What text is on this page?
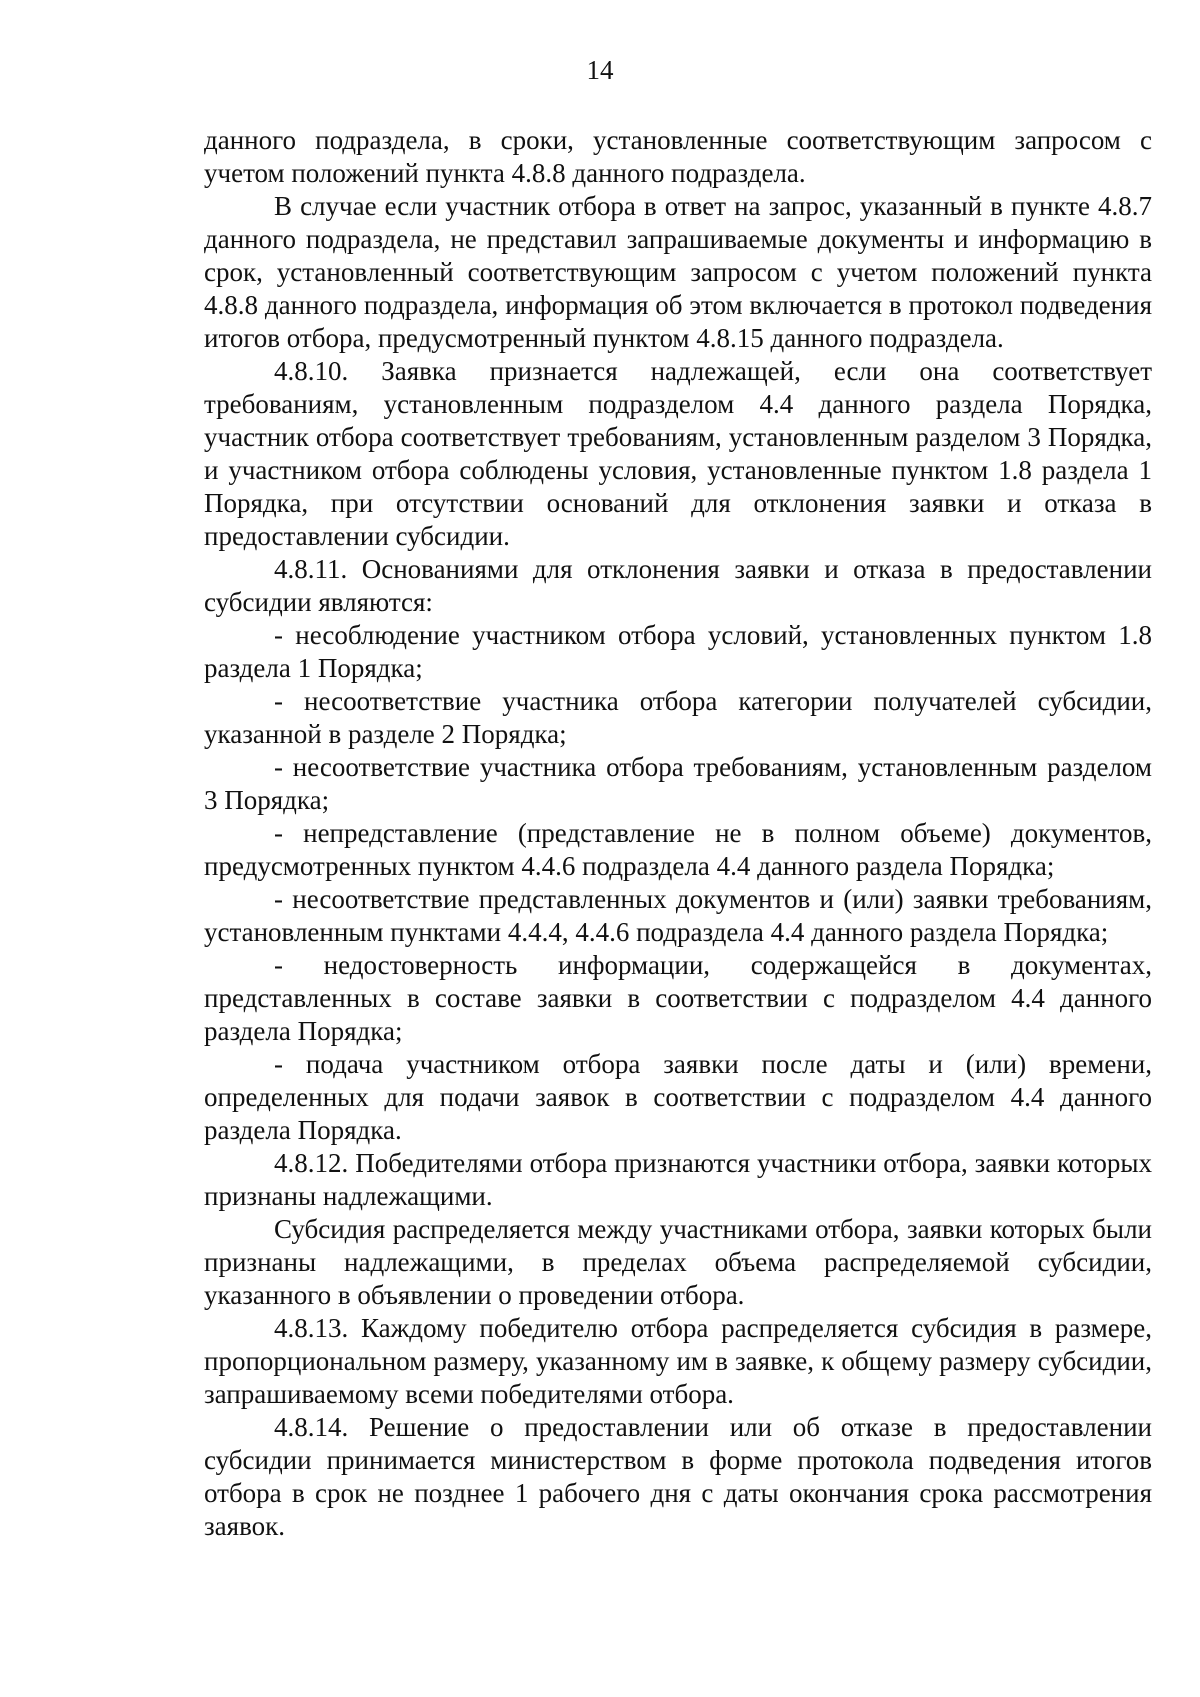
14

данного подраздела, в сроки, установленные соответствующим запросом с учетом положений пункта 4.8.8 данного подраздела.

В случае если участник отбора в ответ на запрос, указанный в пункте 4.8.7 данного подраздела, не представил запрашиваемые документы и информацию в срок, установленный соответствующим запросом с учетом положений пункта 4.8.8 данного подраздела, информация об этом включается в протокол подведения итогов отбора, предусмотренный пунктом 4.8.15 данного подраздела.

4.8.10. Заявка признается надлежащей, если она соответствует требованиям, установленным подразделом 4.4 данного раздела Порядка, участник отбора соответствует требованиям, установленным разделом 3 Порядка, и участником отбора соблюдены условия, установленные пунктом 1.8 раздела 1 Порядка, при отсутствии оснований для отклонения заявки и отказа в предоставлении субсидии.

4.8.11. Основаниями для отклонения заявки и отказа в предоставлении субсидии являются:

- несоблюдение участником отбора условий, установленных пунктом 1.8 раздела 1 Порядка;

- несоответствие участника отбора категории получателей субсидии, указанной в разделе 2 Порядка;

- несоответствие участника отбора требованиям, установленным разделом 3 Порядка;

- непредставление (представление не в полном объеме) документов, предусмотренных пунктом 4.4.6 подраздела 4.4 данного раздела Порядка;

- несоответствие представленных документов и (или) заявки требованиям, установленным пунктами 4.4.4, 4.4.6 подраздела 4.4 данного раздела Порядка;

- недостоверность информации, содержащейся в документах, представленных в составе заявки в соответствии с подразделом 4.4 данного раздела Порядка;

- подача участником отбора заявки после даты и (или) времени, определенных для подачи заявок в соответствии с подразделом 4.4 данного раздела Порядка.

4.8.12. Победителями отбора признаются участники отбора, заявки которых признаны надлежащими.

Субсидия распределяется между участниками отбора, заявки которых были признаны надлежащими, в пределах объема распределяемой субсидии, указанного в объявлении о проведении отбора.

4.8.13. Каждому победителю отбора распределяется субсидия в размере, пропорциональном размеру, указанному им в заявке, к общему размеру субсидии, запрашиваемому всеми победителями отбора.

4.8.14. Решение о предоставлении или об отказе в предоставлении субсидии принимается министерством в форме протокола подведения итогов отбора в срок не позднее 1 рабочего дня с даты окончания срока рассмотрения заявок.
